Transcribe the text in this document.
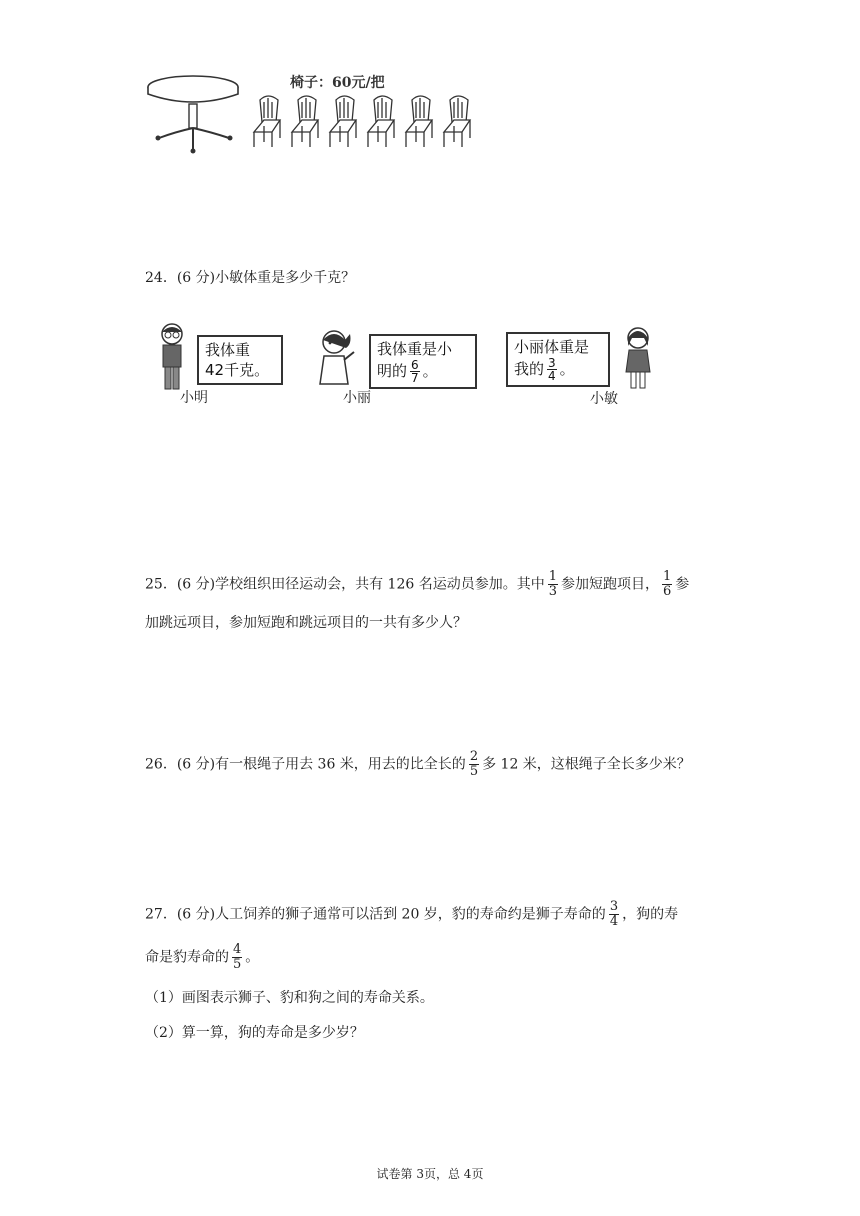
椅子：60元/把
24．(6 分)小敏体重是多少千克？
我体重
42千克。
小明
我体重是小
明的 $\frac{6}{7}$ 。
小丽
小丽体重是
我的 $\frac{3}{4}$ 。
小敏
25．(6 分)学校组织田径运动会，共有 126 名运动员参加。其中 $\frac{1}{3}$ 参加短跑项目， $\frac{1}{6}$ 参
加跳远项目，参加短跑和跳远项目的一共有多少人？
26．(6 分)有一根绳子用去 36 米，用去的比全长的 $\frac{2}{5}$ 多 12 米，这根绳子全长多少米？
27．(6 分)人工饲养的狮子通常可以活到 20 岁，豹的寿命约是狮子寿命的 $\frac{3}{4}$ ，狗的寿
命是豹寿命的 $\frac{4}{5}$ 。
（1）画图表示狮子、豹和狗之间的寿命关系。
（2）算一算，狗的寿命是多少岁？
试卷第 3页，总 4页
